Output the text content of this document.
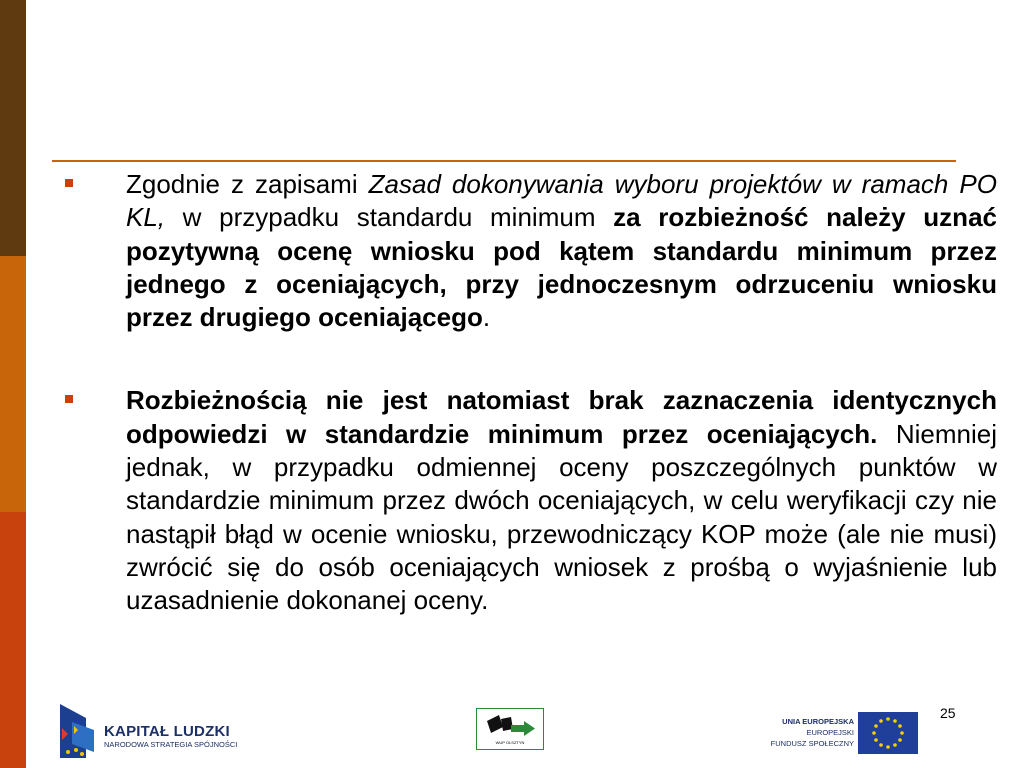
Zgodnie z zapisami Zasad dokonywania wyboru projektów w ramach PO KL, w przypadku standardu minimum za rozbieżność należy uznać pozytywną ocenę wniosku pod kątem standardu minimum przez jednego z oceniających, przy jednoczesnym odrzuceniu wniosku przez drugiego oceniającego.
Rozbieżnością nie jest natomiast brak zaznaczenia identycznych odpowiedzi w standardzie minimum przez oceniających. Niemniej jednak, w przypadku odmiennej oceny poszczególnych punktów w standardzie minimum przez dwóch oceniających, w celu weryfikacji czy nie nastąpił błąd w ocenie wniosku, przewodniczący KOP może (ale nie musi) zwrócić się do osób oceniających wniosek z prośbą o wyjaśnienie lub uzasadnienie dokonanej oceny.
25
KAPITAŁ LUDZKI
NARODOWA STRATEGIA SPÓJNOŚCI	WUP OLSZTYN
UNIA EUROPEJSKA
EUROPEJSKI
FUNDUSZ SPOŁECZNY
